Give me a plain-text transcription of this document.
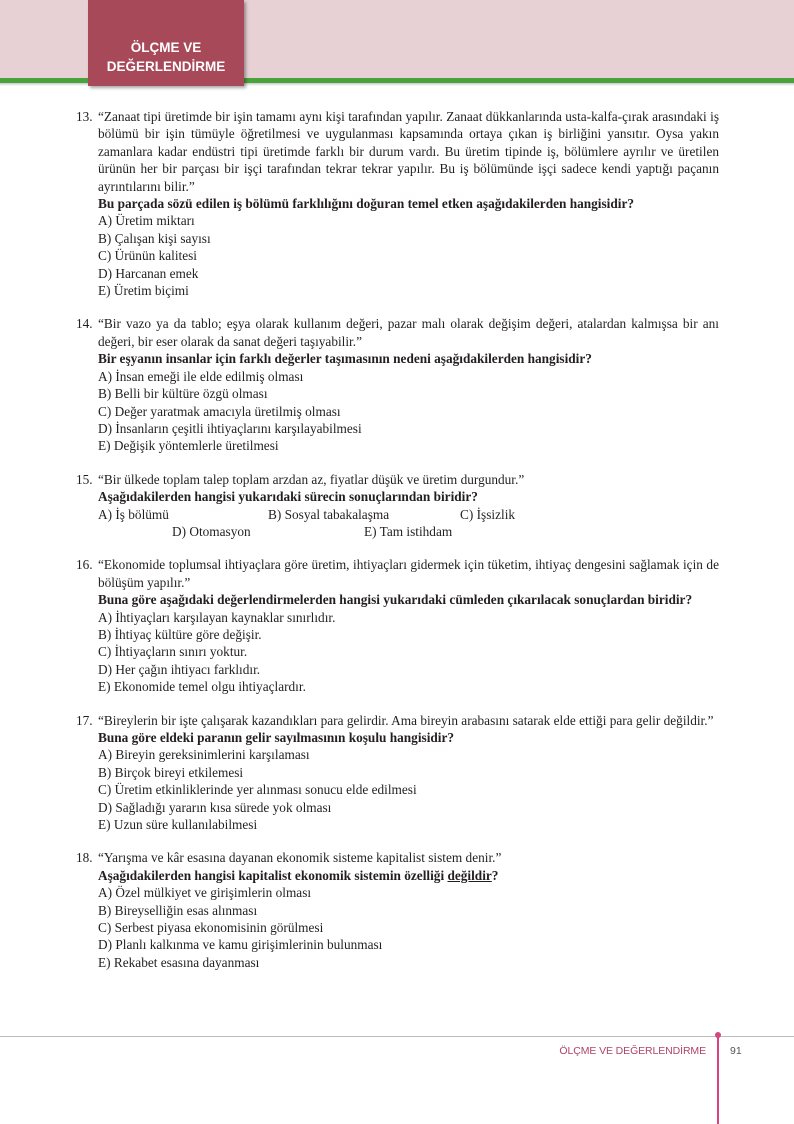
ÖLÇME VE
DEĞERLENDİRME
13. “Zanaat tipi üretimde bir işin tamamı aynı kişi tarafından yapılır. Zanaat dükkanlarında usta-kalfa-çırak arasındaki iş bölümü bir işin tümüyle öğretilmesi ve uygulanması kapsamında ortaya çıkan iş birliğini yansıtır. Oysa yakın zamanlara kadar endüstri tipi üretimde farklı bir durum vardı. Bu üretim tipinde iş, bölümlere ayrılır ve üretilen ürünün her bir parçası bir işçi tarafından tekrar tekrar yapılır. Bu iş bölümünde işçi sadece kendi yaptığı paçanın ayrıntılarını bilir.”
Bu parçada sözü edilen iş bölümü farklılığını doğuran temel etken aşağıdakilerden hangisidir?
A) Üretim miktarı
B) Çalışan kişi sayısı
C) Ürünün kalitesi
D) Harcanan emek
E) Üretim biçimi
14. “Bir vazo ya da tablo; eşya olarak kullanım değeri, pazar malı olarak değişim değeri, atalardan kalmışsa bir anı değeri, bir eser olarak da sanat değeri taşıyabilir.”
Bir eşyanın insanlar için farklı değerler taşımasının nedeni aşağıdakilerden hangisidir?
A) İnsan emeği ile elde edilmiş olması
B) Belli bir kültüre özgü olması
C) Değer yaratmak amacıyla üretilmiş olması
D) İnsanların çeşitli ihtiyaçlarını karşılayabilmesi
E) Değişik yöntemlerle üretilmesi
15. “Bir ülkede toplam talep toplam arzdan az, fiyatlar düşük ve üretim durgundur.”
Aşağıdakilerden hangisi yukarıdaki sürecin sonuçlarından biridir?
A) İş bölümü	B) Sosyal tabakalaşma	C) İşsizlik
D) Otomasyon	E) Tam istihdam
16. “Ekonomide toplumsal ihtiyaçlara göre üretim, ihtiyaçları gidermek için tüketim, ihtiyaç dengesini sağlamak için de bölüşüm yapılır.”
Buna göre aşağıdaki değerlendirmelerden hangisi yukarıdaki cümleden çıkarılacak sonuçlardan biridir?
A) İhtiyaçları karşılayan kaynaklar sınırlıdır.
B) İhtiyaç kültüre göre değişir.
C) İhtiyaçların sınırı yoktur.
D) Her çağın ihtiyacı farklıdır.
E) Ekonomide temel olgu ihtiyaçlardır.
17. “Bireylerin bir işte çalışarak kazandıkları para gelirdir. Ama bireyin arabasını satarak elde ettiği para gelir değildir.”
Buna göre eldeki paranın gelir sayılmasının koşulu hangisidir?
A) Bireyin gereksinimlerini karşılaması
B) Birçok bireyi etkilemesi
C) Üretim etkinliklerinde yer alınması sonucu elde edilmesi
D) Sağladığı yararın kısa sürede yok olması
E) Uzun süre kullanılabilmesi
18. “Yarışma ve kâr esasına dayanan ekonomik sisteme kapitalist sistem denir.”
Aşağıdakilerden hangisi kapitalist ekonomik sistemin özelliği değildir?
A) Özel mülkiyet ve girişimlerin olması
B) Bireyselliğin esas alınması
C) Serbest piyasa ekonomisinin görülmesi
D) Planlı kalkınma ve kamu girişimlerinin bulunması
E) Rekabet esasına dayanması
ÖLÇME VE DEĞERLENDİRME 91
